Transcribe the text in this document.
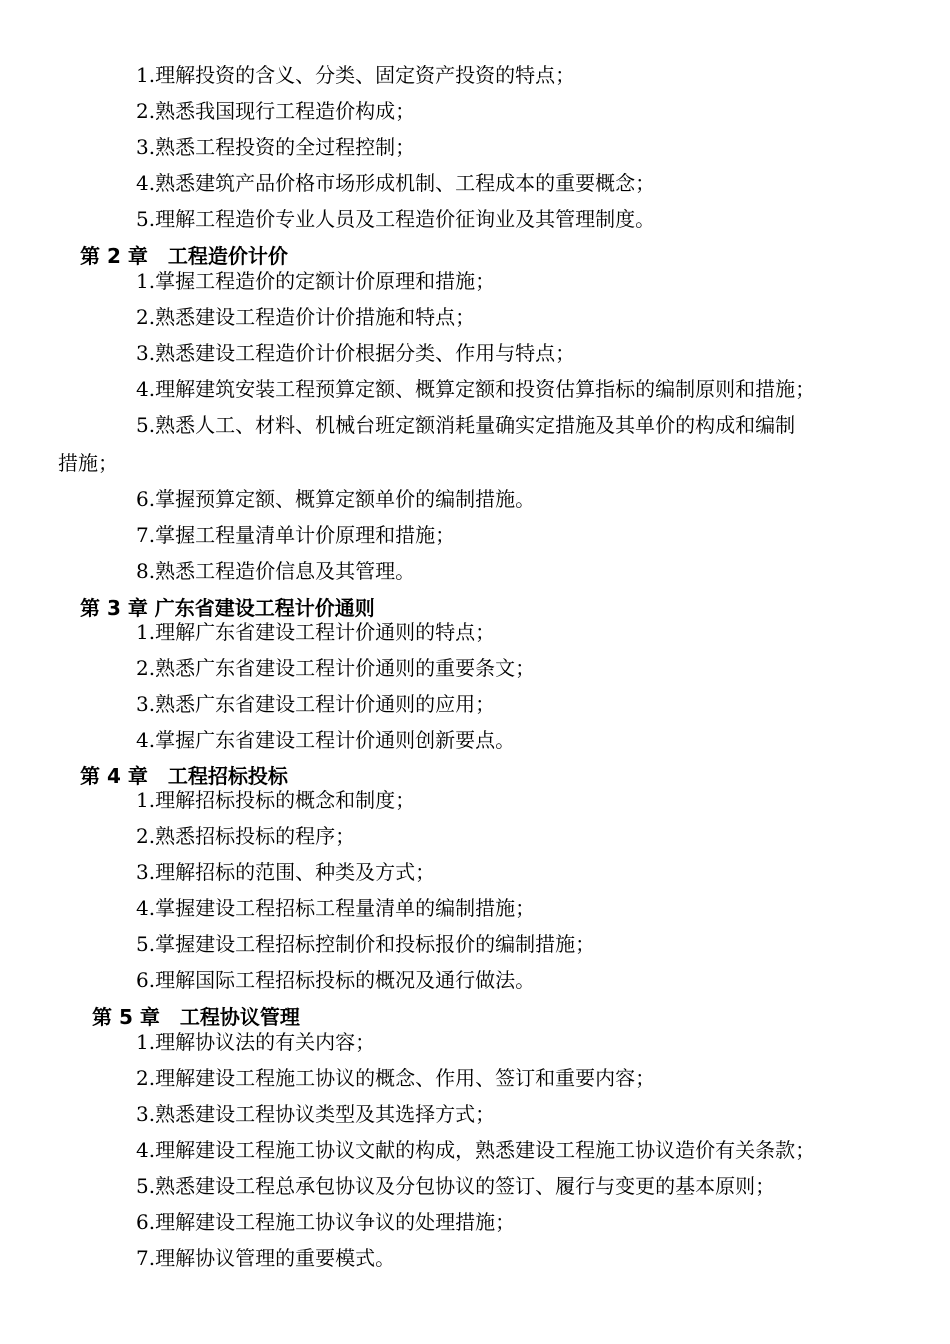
1.理解投资的含义、分类、固定资产投资的特点；

2.熟悉我国现行工程造价构成；

3.熟悉工程投资的全过程控制；

4.熟悉建筑产品价格市场形成机制、工程成本的重要概念；

5.理解工程造价专业人员及工程造价征询业及其管理制度。

第 2 章　工程造价计价

1.掌握工程造价的定额计价原理和措施；

2.熟悉建设工程造价计价措施和特点；

3.熟悉建设工程造价计价根据分类、作用与特点；

4.理解建筑安装工程预算定额、概算定额和投资估算指标的编制原则和措施；

5.熟悉人工、材料、机械台班定额消耗量确实定措施及其单价的构成和编制

措施；

6.掌握预算定额、概算定额单价的编制措施。

7.掌握工程量清单计价原理和措施；

8.熟悉工程造价信息及其管理。

第 3 章 广东省建设工程计价通则

1.理解广东省建设工程计价通则的特点；

2.熟悉广东省建设工程计价通则的重要条文；

3.熟悉广东省建设工程计价通则的应用；

4.掌握广东省建设工程计价通则创新要点。

第 4 章　工程招标投标

1.理解招标投标的概念和制度；

2.熟悉招标投标的程序；

3.理解招标的范围、种类及方式；

4.掌握建设工程招标工程量清单的编制措施；

5.掌握建设工程招标控制价和投标报价的编制措施；

6.理解国际工程招标投标的概况及通行做法。

第 5 章　工程协议管理

1.理解协议法的有关内容；

2.理解建设工程施工协议的概念、作用、签订和重要内容；

3.熟悉建设工程协议类型及其选择方式；

4.理解建设工程施工协议文献的构成，熟悉建设工程施工协议造价有关条款；

5.熟悉建设工程总承包协议及分包协议的签订、履行与变更的基本原则；

6.理解建设工程施工协议争议的处理措施；

7.理解协议管理的重要模式。
